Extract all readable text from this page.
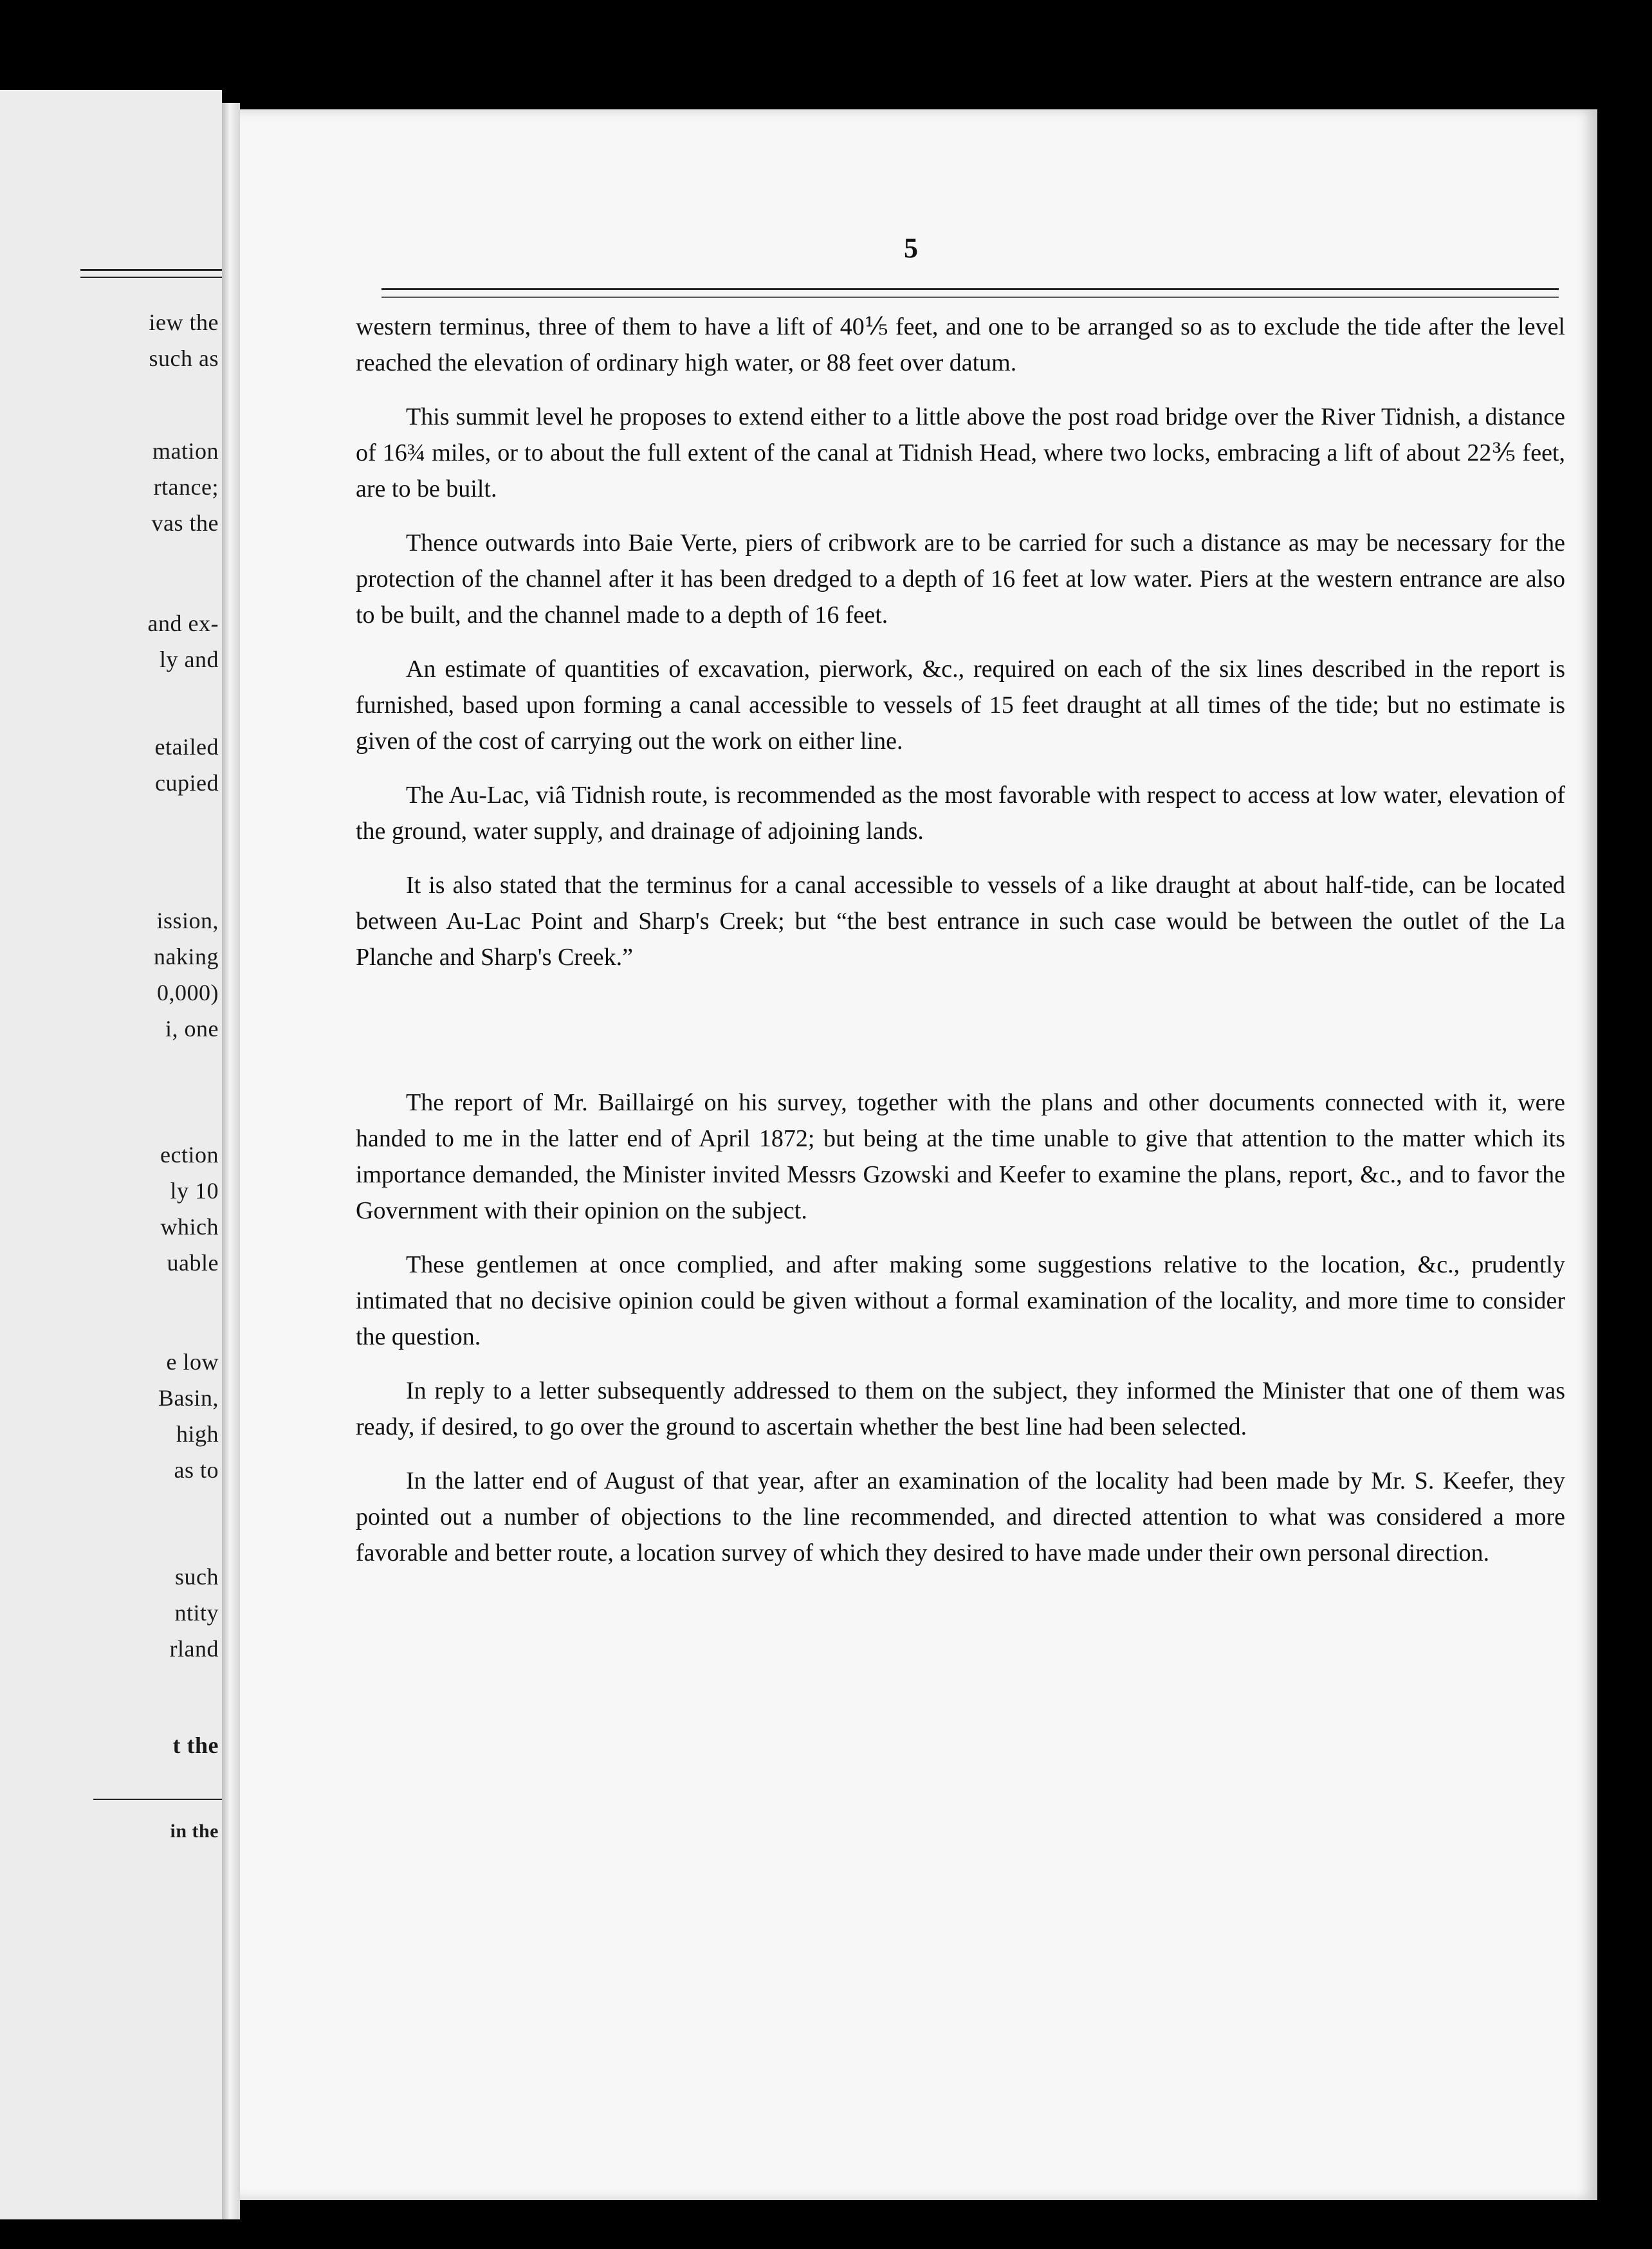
iew the
such as
mation
rtance;
vas the
and ex-
ly and
etailed
cupied
ission,
naking
0,000)
i, one
ection
ly 10
which
uable
e low
Basin,
high
as to
such
ntity
rland
t the
in the
5

western terminus, three of them to have a lift of 40⅕ feet, and one to be arranged so as to exclude the tide after the level reached the elevation of ordinary high water, or 88 feet over datum.

This summit level he proposes to extend either to a little above the post road bridge over the River Tidnish, a distance of 16¾ miles, or to about the full extent of the canal at Tidnish Head, where two locks, embracing a lift of about 22⅗ feet, are to be built.

Thence outwards into Baie Verte, piers of cribwork are to be carried for such a distance as may be necessary for the protection of the channel after it has been dredged to a depth of 16 feet at low water. Piers at the western entrance are also to be built, and the channel made to a depth of 16 feet.

An estimate of quantities of excavation, pierwork, &c., required on each of the six lines described in the report is furnished, based upon forming a canal accessible to vessels of 15 feet draught at all times of the tide; but no estimate is given of the cost of carrying out the work on either line.

The Au-Lac, viâ Tidnish route, is recommended as the most favorable with respect to access at low water, elevation of the ground, water supply, and drainage of adjoining lands.

It is also stated that the terminus for a canal accessible to vessels of a like draught at about half-tide, can be located between Au-Lac Point and Sharp's Creek; but “the best entrance in such case would be between the outlet of the La Planche and Sharp's Creek.”

The report of Mr. Baillairgé on his survey, together with the plans and other documents connected with it, were handed to me in the latter end of April 1872; but being at the time unable to give that attention to the matter which its importance demanded, the Minister invited Messrs Gzowski and Keefer to examine the plans, report, &c., and to favor the Government with their opinion on the subject.

These gentlemen at once complied, and after making some suggestions relative to the location, &c., prudently intimated that no decisive opinion could be given without a formal examination of the locality, and more time to consider the question.

In reply to a letter subsequently addressed to them on the subject, they informed the Minister that one of them was ready, if desired, to go over the ground to ascertain whether the best line had been selected.

In the latter end of August of that year, after an examination of the locality had been made by Mr. S. Keefer, they pointed out a number of objections to the line recommended, and directed attention to what was considered a more favorable and better route, a location survey of which they desired to have made under their own personal direction.
